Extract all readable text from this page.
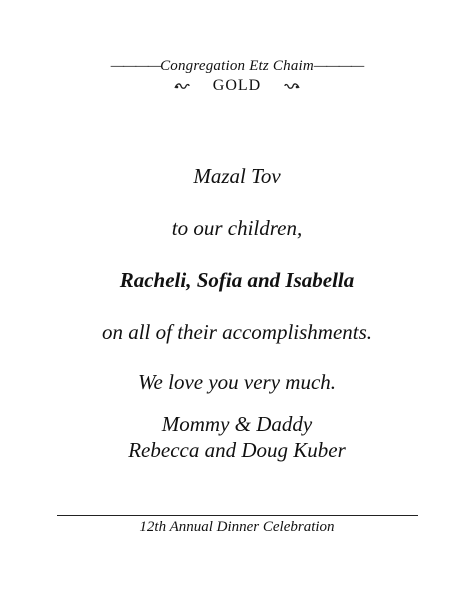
————Congregation Etz Chaim————
GOLD

Mazal Tov

to our children,

Racheli, Sofia and Isabella

on all of their accomplishments.

We love you very much.

Mommy & Daddy

Rebecca and Doug Kuber

12th Annual Dinner Celebration
